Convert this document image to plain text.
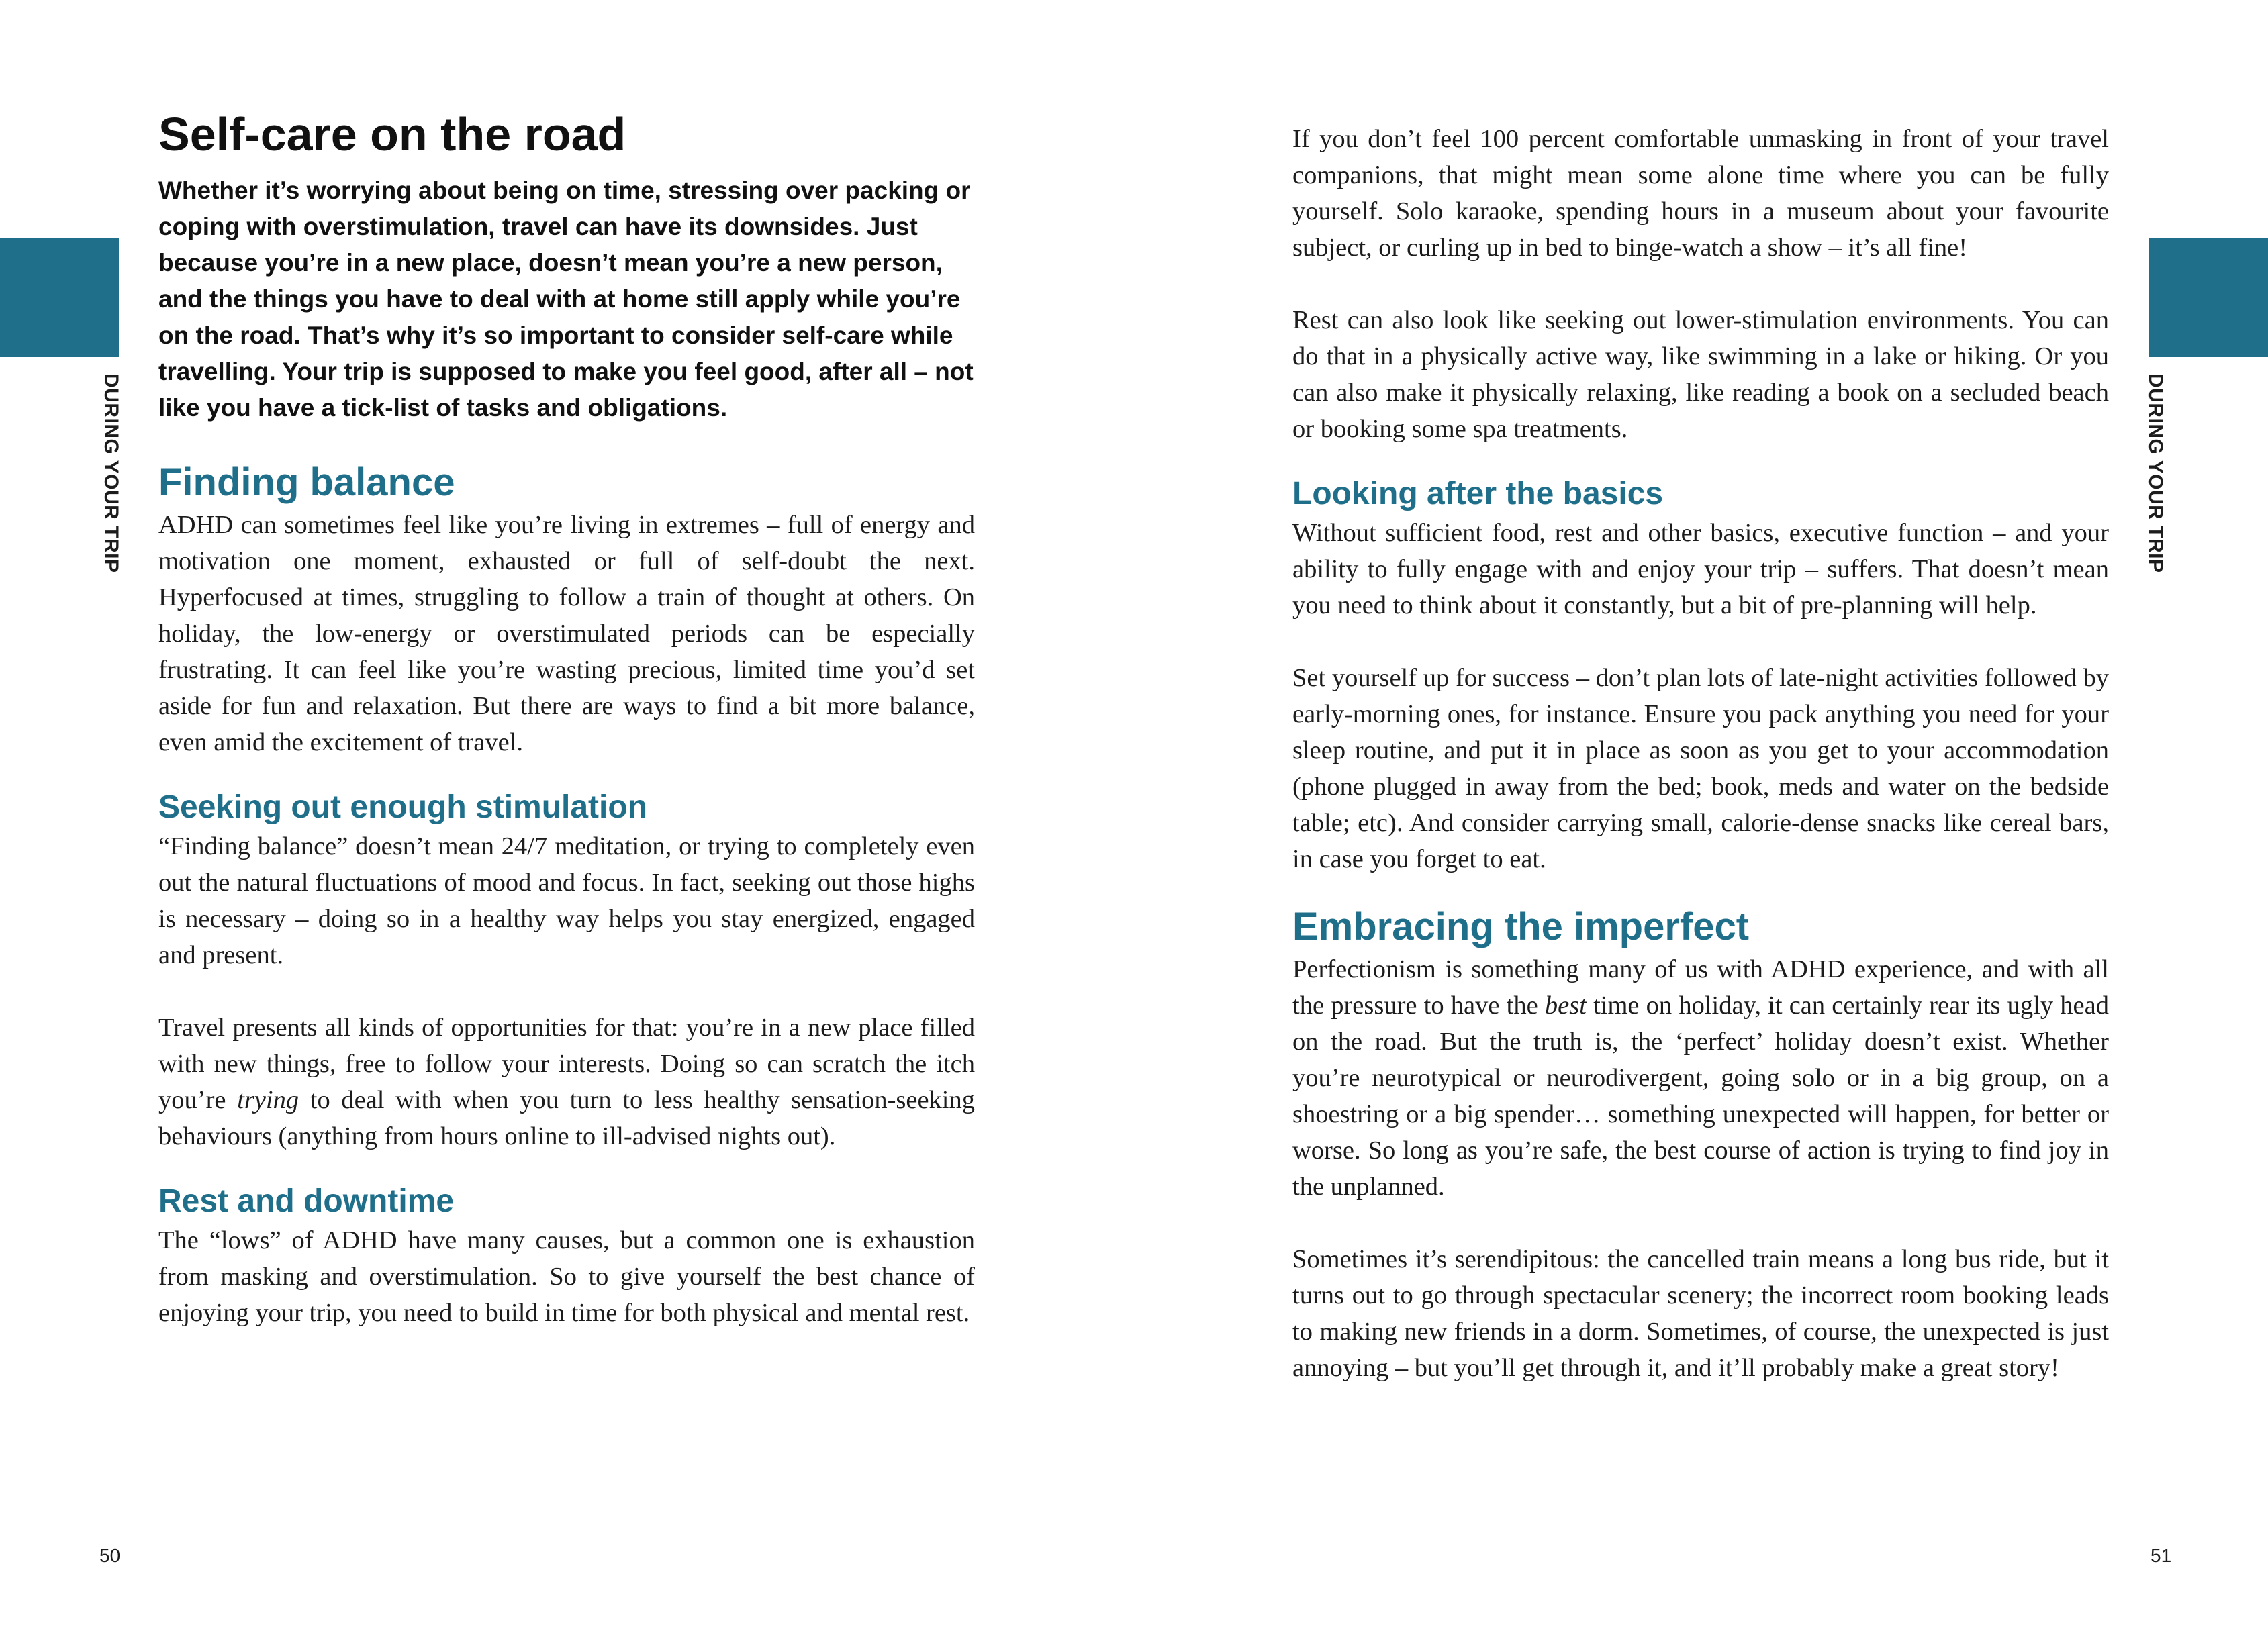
DURING YOUR TRIP
Self-care on the road

Whether it’s worrying about being on time, stressing over packing or coping with overstimulation, travel can have its downsides. Just because you’re in a new place, doesn’t mean you’re a new person, and the things you have to deal with at home still apply while you’re on the road. That’s why it’s so important to consider self-care while travelling. Your trip is supposed to make you feel good, after all – not like you have a tick-list of tasks and obligations.

Finding balance

ADHD can sometimes feel like you’re living in extremes – full of energy and motivation one moment, exhausted or full of self-doubt the next. Hyperfocused at times, struggling to follow a train of thought at others. On holiday, the low-energy or overstimulated periods can be especially frustrating. It can feel like you’re wasting precious, limited time you’d set aside for fun and relaxation. But there are ways to find a bit more balance, even amid the excitement of travel.

Seeking out enough stimulation

“Finding balance” doesn’t mean 24/7 meditation, or trying to completely even out the natural fluctuations of mood and focus. In fact, seeking out those highs is necessary – doing so in a healthy way helps you stay energized, engaged and present.

Travel presents all kinds of opportunities for that: you’re in a new place filled with new things, free to follow your interests. Doing so can scratch the itch you’re trying to deal with when you turn to less healthy sensation-seeking behaviours (anything from hours online to ill-advised nights out).

Rest and downtime

The “lows” of ADHD have many causes, but a common one is exhaustion from masking and overstimulation. So to give yourself the best chance of enjoying your trip, you need to build in time for both physical and mental rest.

50
DURING YOUR TRIP

If you don’t feel 100 percent comfortable unmasking in front of your travel companions, that might mean some alone time where you can be fully yourself. Solo karaoke, spending hours in a museum about your favourite subject, or curling up in bed to binge-watch a show – it’s all fine!

Rest can also look like seeking out lower-stimulation environments. You can do that in a physically active way, like swimming in a lake or hiking. Or you can also make it physically relaxing, like reading a book on a secluded beach or booking some spa treatments.

Looking after the basics

Without sufficient food, rest and other basics, executive function – and your ability to fully engage with and enjoy your trip – suffers. That doesn’t mean you need to think about it constantly, but a bit of pre-planning will help.

Set yourself up for success – don’t plan lots of late-night activities followed by early-morning ones, for instance. Ensure you pack anything you need for your sleep routine, and put it in place as soon as you get to your accommodation (phone plugged in away from the bed; book, meds and water on the bedside table; etc). And consider carrying small, calorie-dense snacks like cereal bars, in case you forget to eat.

Embracing the imperfect

Perfectionism is something many of us with ADHD experience, and with all the pressure to have the best time on holiday, it can certainly rear its ugly head on the road. But the truth is, the ‘perfect’ holiday doesn’t exist. Whether you’re neurotypical or neurodivergent, going solo or in a big group, on a shoestring or a big spender… something unexpected will happen, for better or worse. So long as you’re safe, the best course of action is trying to find joy in the unplanned.

Sometimes it’s serendipitous: the cancelled train means a long bus ride, but it turns out to go through spectacular scenery; the incorrect room booking leads to making new friends in a dorm. Sometimes, of course, the unexpected is just annoying – but you’ll get through it, and it’ll probably make a great story!

51
